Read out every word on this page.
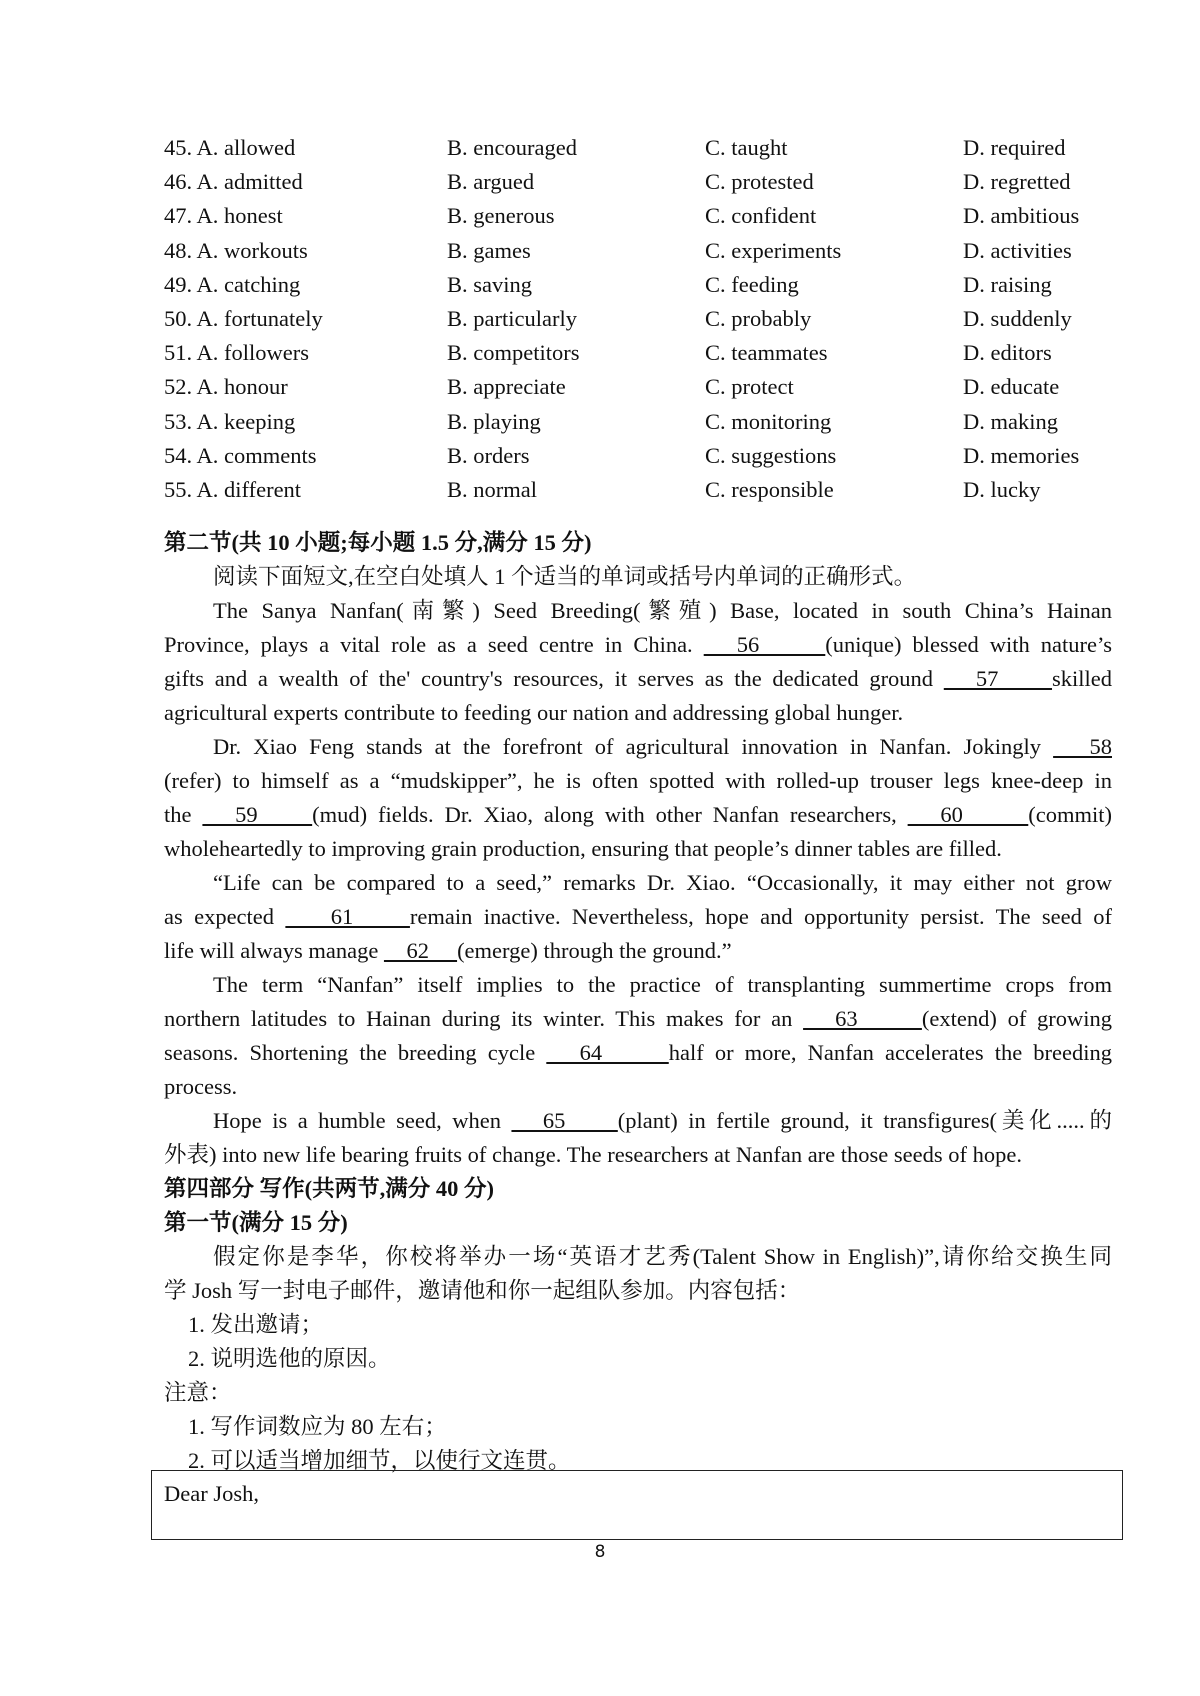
45. A. allowed	B. encouraged	C. taught	D. required
46. A. admitted	B. argued	C. protested	D. regretted
47. A. honest	B. generous	C. confident	D. ambitious
48. A. workouts	B. games	C. experiments	D. activities
49. A. catching	B. saving	C. feeding	D. raising
50. A. fortunately	B. particularly	C. probably	D. suddenly
51. A. followers	B. competitors	C. teammates	D. editors
52. A. honour	B. appreciate	C. protect	D. educate
53. A. keeping	B. playing	C. monitoring	D. making
54. A. comments	B. orders	C. suggestions	D. memories
55. A. different	B. normal	C. responsible	D. lucky
第二节(共 10 小题;每小题 1.5 分,满分 15 分)
阅读下面短文,在空白处填人 1 个适当的单词或括号内单词的正确形式。
The Sanya Nanfan(南繁) Seed Breeding(繁殖) Base, located in south China’s Hainan
Province, plays a vital role as a seed centre in China.    56      (unique) blessed with nature’s
gifts and a wealth of the' country's resources, it serves as the dedicated ground    57     skilled
agricultural experts contribute to feeding our nation and addressing global hunger.
Dr. Xiao Feng stands at the forefront of agricultural innovation in Nanfan. Jokingly    58
(refer) to himself as a “mudskipper”, he is often spotted with rolled-up trouser legs knee-deep in
the    59     (mud) fields. Dr. Xiao, along with other Nanfan researchers,    60      (commit)
wholeheartedly to improving grain production, ensuring that people’s dinner tables are filled.
“Life can be compared to a seed,” remarks Dr. Xiao. “Occasionally, it may either not grow
as expected     61     remain inactive. Nevertheless, hope and opportunity persist. The seed of
life will always manage     62     (emerge) through the ground.”
The term “Nanfan” itself implies to the practice of transplanting summertime crops from
northern latitudes to Hainan during its winter. This makes for an    63      (extend) of growing
seasons. Shortening the breeding cycle    64      half or more, Nanfan accelerates the breeding
process.
Hope is a humble seed, when    65     (plant) in fertile ground, it transfigures(美化.....的
外表) into new life bearing fruits of change. The researchers at Nanfan are those seeds of hope.
第四部分 写作(共两节,满分 40 分)
第一节(满分 15 分)
假定你是李华，你校将举办一场“英语才艺秀(Talent Show in English)”,请你给交换生同
学 Josh 写一封电子邮件，邀请他和你一起组队参加。内容包括：
1. 发出邀请；
2. 说明选他的原因。
注意：
1. 写作词数应为 80 左右；
2. 可以适当增加细节，以使行文连贯。
Dear Josh,
8
